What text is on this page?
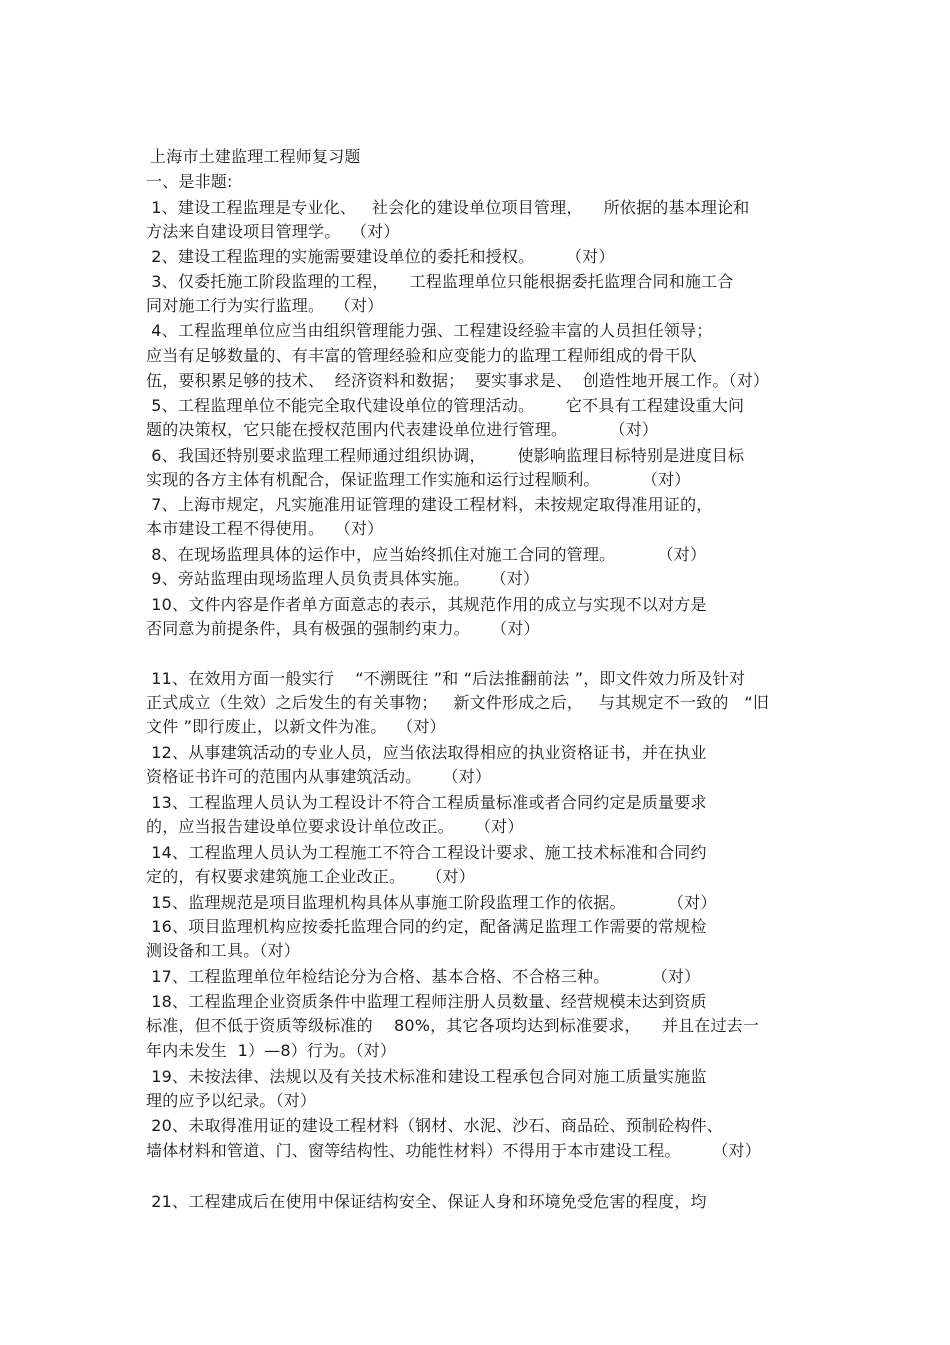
上海市土建监理工程师复习题
一、是非题:
1、建设工程监理是专业化、   社会化的建设单位项目管理，    所依据的基本理论和
方法来自建设项目管理学。  （对）
2、建设工程监理的实施需要建设单位的委托和授权。      （对）
3、仅委托施工阶段监理的工程，    工程监理单位只能根据委托监理合同和施工合
同对施工行为实行监理。  （对）
4、工程监理单位应当由组织管理能力强、工程建设经验丰富的人员担任领导；
应当有足够数量的、有丰富的管理经验和应变能力的监理工程师组成的骨干队
伍，要积累足够的技术、  经济资料和数据；  要实事求是、  创造性地开展工作。（对）
5、工程监理单位不能完全取代建设单位的管理活动。      它不具有工程建设重大问
题的决策权，它只能在授权范围内代表建设单位进行管理。        （对）
6、我国还特别要求监理工程师通过组织协调，      使影响监理目标特别是进度目标
实现的各方主体有机配合，保证监理工作实施和运行过程顺利。        （对）
7、上海市规定，凡实施准用证管理的建设工程材料，未按规定取得准用证的，
本市建设工程不得使用。  （对）
8、在现场监理具体的运作中，应当始终抓住对施工合同的管理。        （对）
9、旁站监理由现场监理人员负责具体实施。    （对）
10、文件内容是作者单方面意志的表示，其规范作用的成立与实现不以对方是
否同意为前提条件，具有极强的强制约束力。    （对）
11、在效用方面一般实行    “不溯既往 ”和 “后法推翻前法 ”，即文件效力所及针对
正式成立（生效）之后发生的有关事物；   新文件形成之后，   与其规定不一致的   “旧
文件 ”即行废止，以新文件为准。  （对）
12、从事建筑活动的专业人员，应当依法取得相应的执业资格证书，并在执业
资格证书许可的范围内从事建筑活动。    （对）
13、工程监理人员认为工程设计不符合工程质量标准或者合同约定是质量要求
的，应当报告建设单位要求设计单位改正。    （对）
14、工程监理人员认为工程施工不符合工程设计要求、施工技术标准和合同约
定的，有权要求建筑施工企业改正。    （对）
15、监理规范是项目监理机构具体从事施工阶段监理工作的依据。        （对）
16、项目监理机构应按委托监理合同的约定，配备满足监理工作需要的常规检
测设备和工具。（对）
17、工程监理单位年检结论分为合格、基本合格、不合格三种。        （对）
18、工程监理企业资质条件中监理工程师注册人员数量、经营规模未达到资质
标准，但不低于资质等级标准的    80%，其它各项均达到标准要求，    并且在过去一
年内未发生  1）—8）行为。（对）
19、未按法律、法规以及有关技术标准和建设工程承包合同对施工质量实施监
理的应予以纪录。（对）
20、未取得准用证的建设工程材料（钢材、水泥、沙石、商品砼、预制砼构件、
墙体材料和管道、门、窗等结构性、功能性材料）不得用于本市建设工程。      （对）
21、工程建成后在使用中保证结构安全、保证人身和环境免受危害的程度，均
